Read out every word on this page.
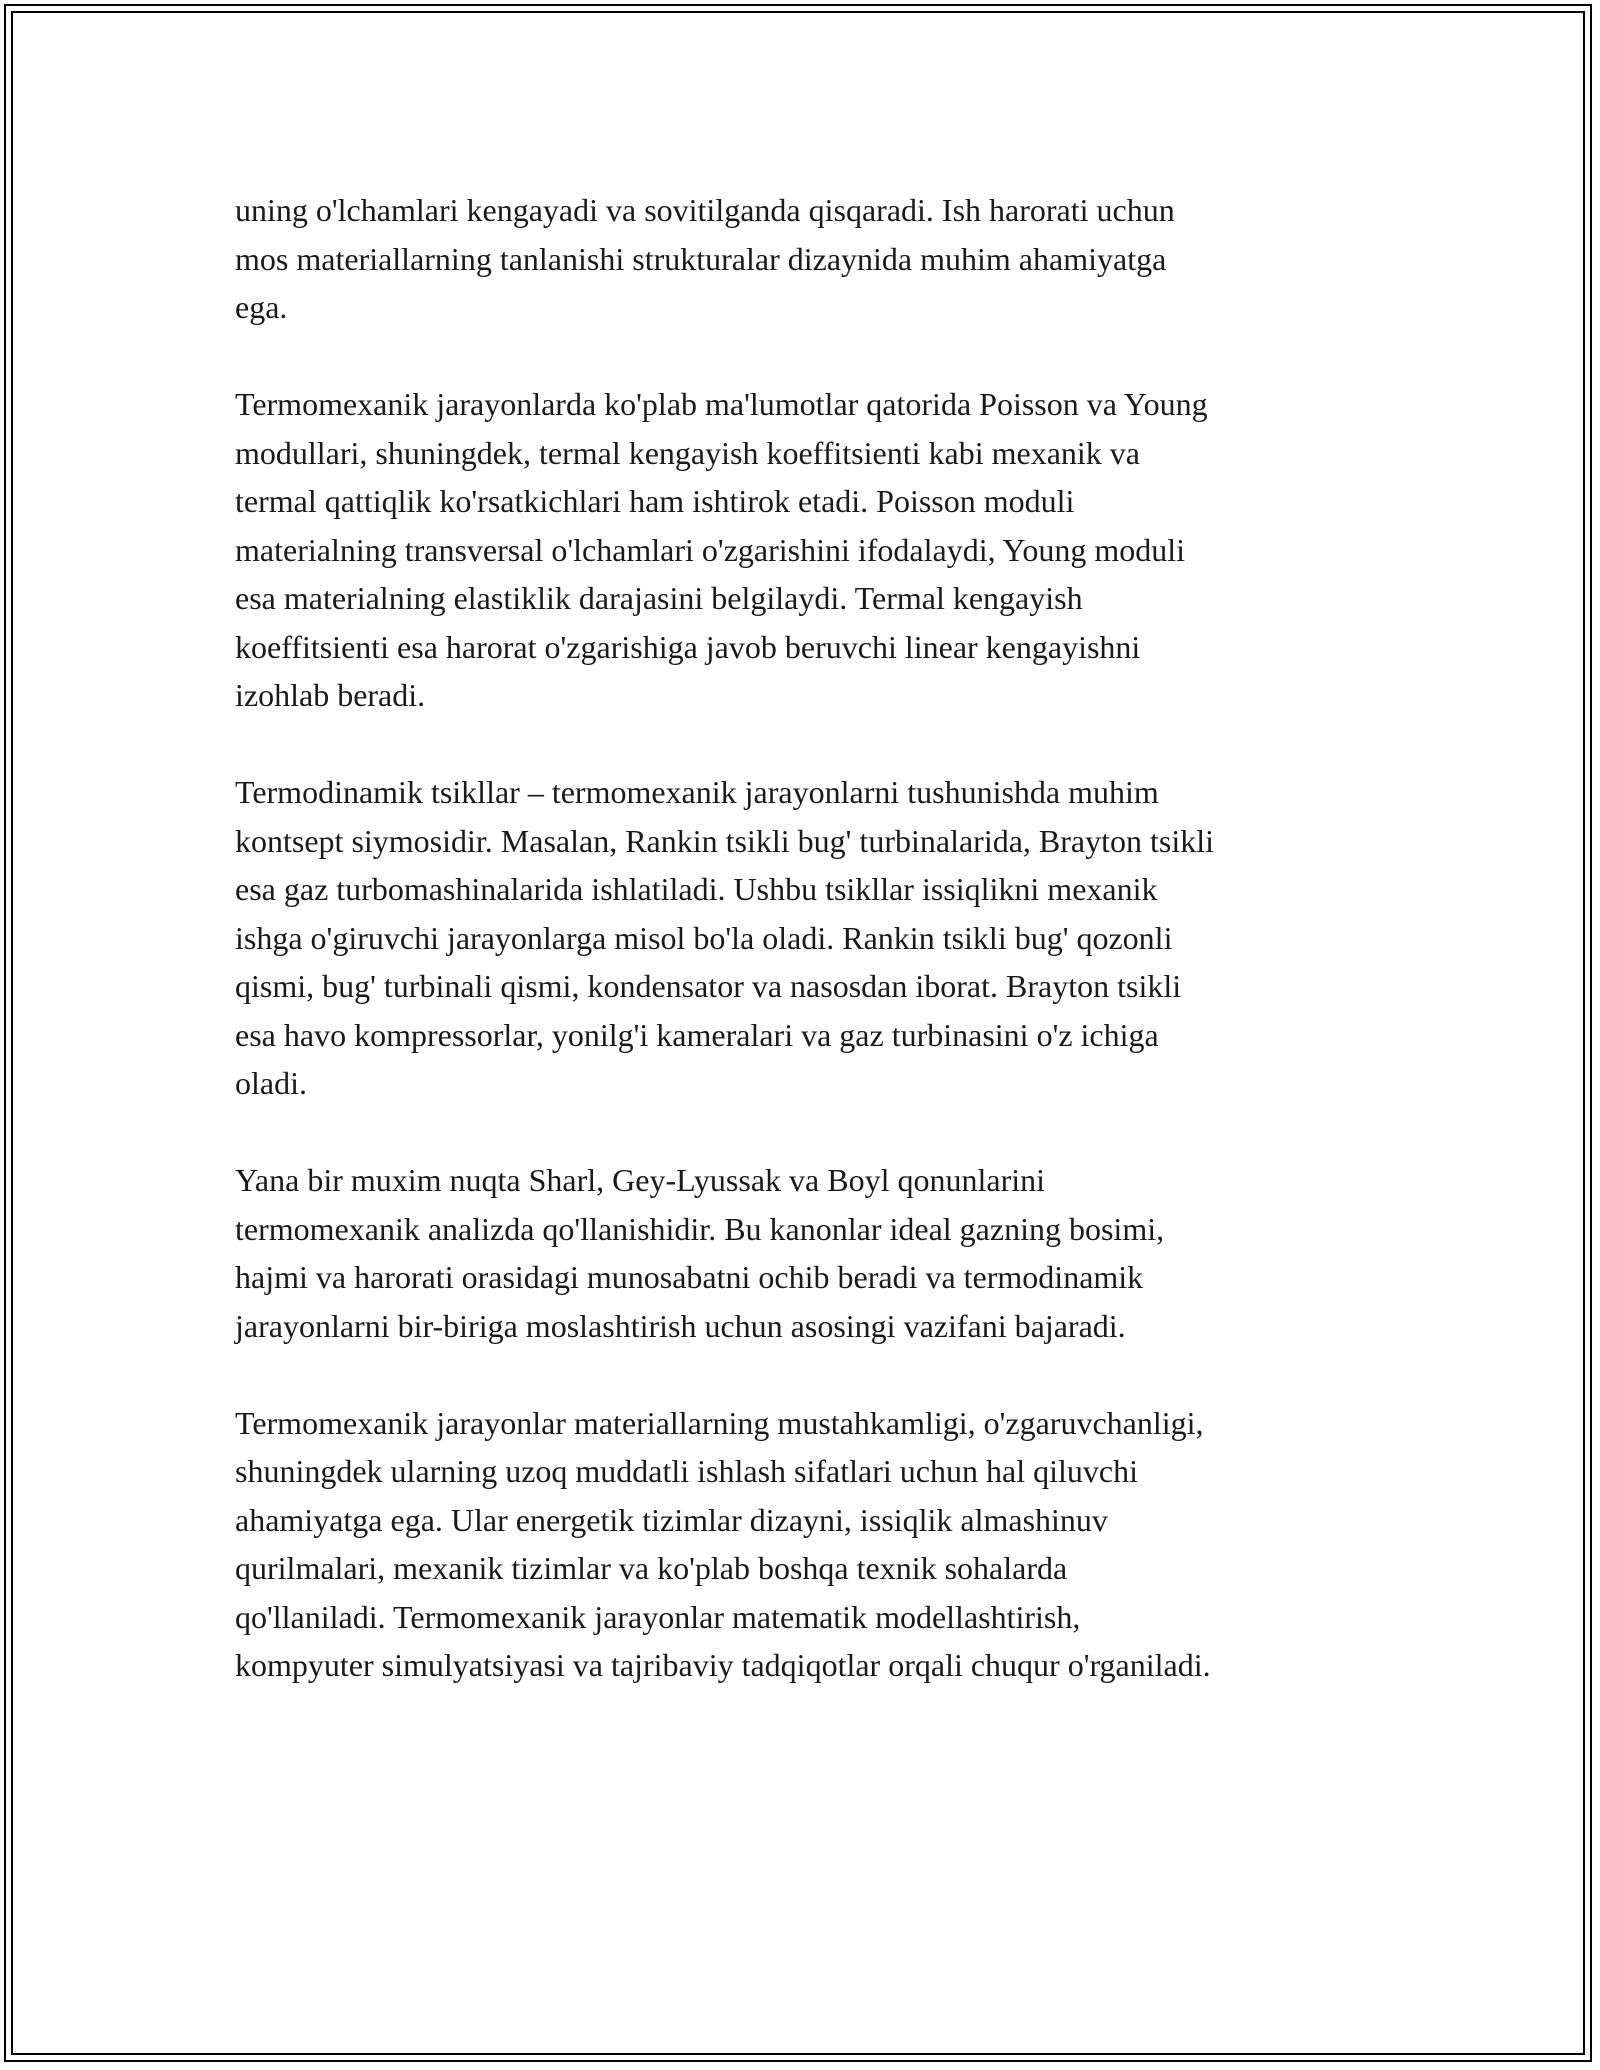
uning o'lchamlari kengayadi va sovitilganda qisqaradi. Ish harorati uchun
mos materiallarning tanlanishi strukturalar dizaynida muhim ahamiyatga
ega.

Termomexanik jarayonlarda ko'plab ma'lumotlar qatorida Poisson va Young
modullari, shuningdek, termal kengayish koeffitsienti kabi mexanik va
termal qattiqlik ko'rsatkichlari ham ishtirok etadi. Poisson moduli
materialning transversal o'lchamlari o'zgarishini ifodalaydi, Young moduli
esa materialning elastiklik darajasini belgilaydi. Termal kengayish
koeffitsienti esa harorat o'zgarishiga javob beruvchi linear kengayishni
izohlab beradi.

Termodinamik tsikllar – termomexanik jarayonlarni tushunishda muhim
kontsept siymosidir. Masalan, Rankin tsikli bug' turbinalarida, Brayton tsikli
esa gaz turbomashinalarida ishlatiladi. Ushbu tsikllar issiqlikni mexanik
ishga o'giruvchi jarayonlarga misol bo'la oladi. Rankin tsikli bug' qozonli
qismi, bug' turbinali qismi, kondensator va nasosdan iborat. Brayton tsikli
esa havo kompressorlar, yonilg'i kameralari va gaz turbinasini o'z ichiga
oladi.

Yana bir muxim nuqta Sharl, Gey-Lyussak va Boyl qonunlarini
termomexanik analizda qo'llanishidir. Bu kanonlar ideal gazning bosimi,
hajmi va harorati orasidagi munosabatni ochib beradi va termodinamik
jarayonlarni bir-biriga moslashtirish uchun asosingi vazifani bajaradi.

Termomexanik jarayonlar materiallarning mustahkamligi, o'zgaruvchanligi,
shuningdek ularning uzoq muddatli ishlash sifatlari uchun hal qiluvchi
ahamiyatga ega. Ular energetik tizimlar dizayni, issiqlik almashinuv
qurilmalari, mexanik tizimlar va ko'plab boshqa texnik sohalarda
qo'llaniladi. Termomexanik jarayonlar matematik modellashtirish,
kompyuter simulyatsiyasi va tajribaviy tadqiqotlar orqali chuqur o'rganiladi.
